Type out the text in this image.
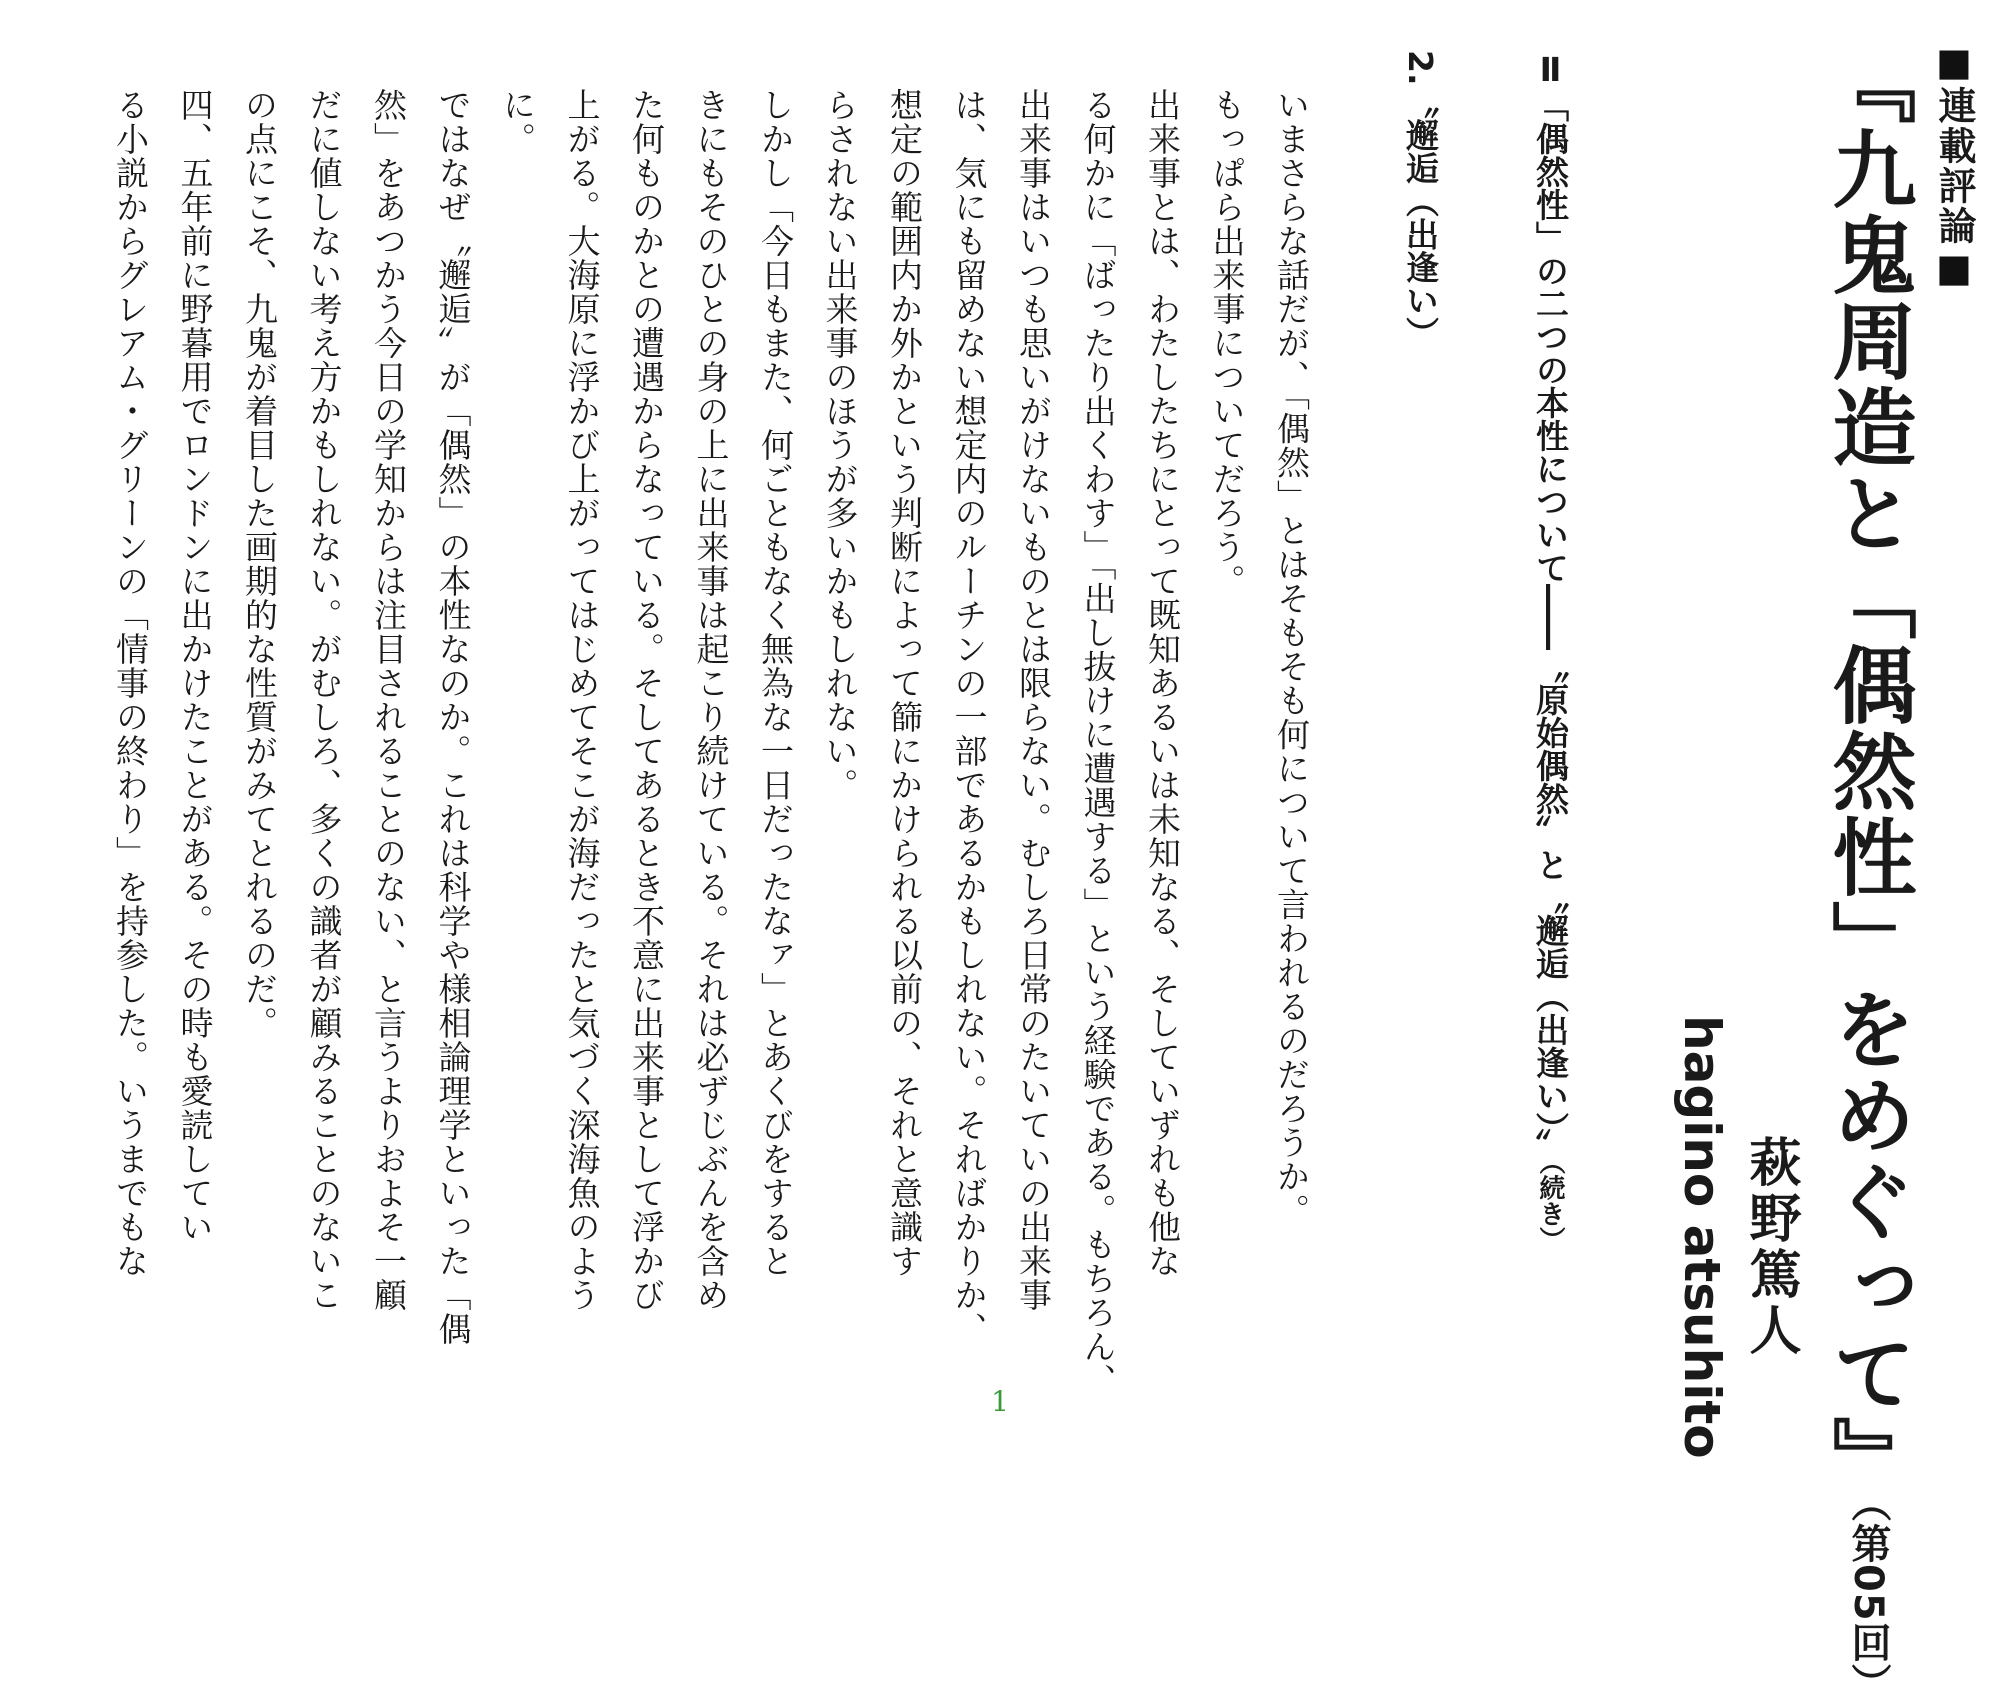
■連載評論■
『九鬼周造と「偶然性」をめぐって』（第05回）
hagino atsuhito 萩野篤人
Ⅱ「偶然性」の二つの本性について――〝原始偶然〟と〝邂逅（出逢い）〟（続き）
2.〝邂逅（出逢い）
いまさらな話だが、「偶然」とはそもそも何について言われるのだろうか。
もっぱら出来事についてだろう。
出来事とは、わたしたちにとって既知あるいは未知なる、そしていずれも他な
る何かに「ばったり出くわす」「出し抜けに遭遇する」という経験である。もちろん、
出来事はいつも思いがけないものとは限らない。むしろ日常のたいていの出来事
は、気にも留めない想定内のルーチンの一部であるかもしれない。そればかりか、
想定の範囲内か外かという判断によって篩にかけられる以前の、それと意識す
らされない出来事のほうが多いかもしれない。
しかし「今日もまた、何ごともなく無為な一日だったなァ」とあくびをすると
きにもそのひとの身の上に出来事は起こり続けている。それは必ずじぶんを含め
た何ものかとの遭遇からなっている。そしてあるとき不意に出来事として浮かび
上がる。大海原に浮かび上がってはじめてそこが海だったと気づく深海魚のよう
に。
ではなぜ〝邂逅〟が「偶然」の本性なのか。これは科学や様相論理学といった「偶
然」をあつかう今日の学知からは注目されることのない、と言うよりおよそ一顧
だに値しない考え方かもしれない。がむしろ、多くの識者が顧みることのないこ
の点にこそ、九鬼が着目した画期的な性質がみてとれるのだ。
四、五年前に野暮用でロンドンに出かけたことがある。その時も愛読してい
る小説からグレアム・グリーンの「情事の終わり」を持参した。いうまでもな
1
